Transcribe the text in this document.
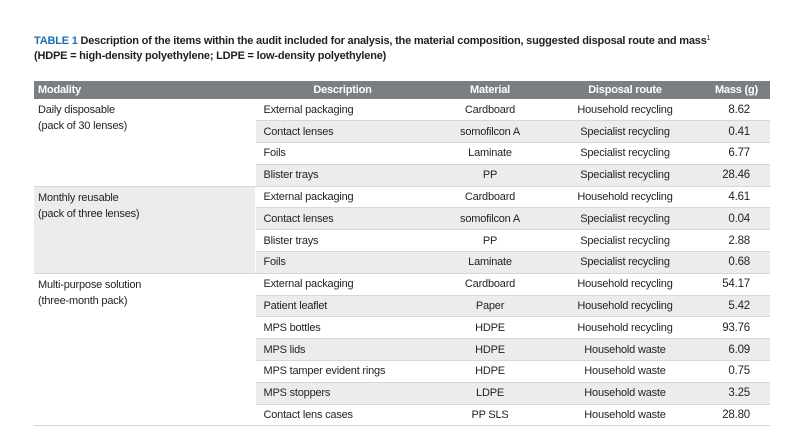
TABLE 1 Description of the items within the audit included for analysis, the material composition, suggested disposal route and mass$^1$
(HDPE = high-density polyethylene; LDPE = low-density polyethylene)
Modality	Description	Material	Disposal route	Mass (g)

Daily disposable
(pack of 30 lenses)	External packaging	Cardboard	Household recycling	8.62
	Contact lenses	somofilcon A	Specialist recycling	0.41
	Foils	Laminate	Specialist recycling	6.77
	Blister trays	PP	Specialist recycling	28.46

Monthly reusable
(pack of three lenses)	External packaging	Cardboard	Household recycling	4.61
	Contact lenses	somofilcon A	Specialist recycling	0.04
	Blister trays	PP	Specialist recycling	2.88
	Foils	Laminate	Specialist recycling	0.68

Multi-purpose solution
(three-month pack)	External packaging	Cardboard	Household recycling	54.17
	Patient leaflet	Paper	Household recycling	5.42
	MPS bottles	HDPE	Household recycling	93.76
	MPS lids	HDPE	Household waste	6.09
	MPS tamper evident rings	HDPE	Household waste	0.75
	MPS stoppers	LDPE	Household waste	3.25
	Contact lens cases	PP SLS	Household waste	28.80
